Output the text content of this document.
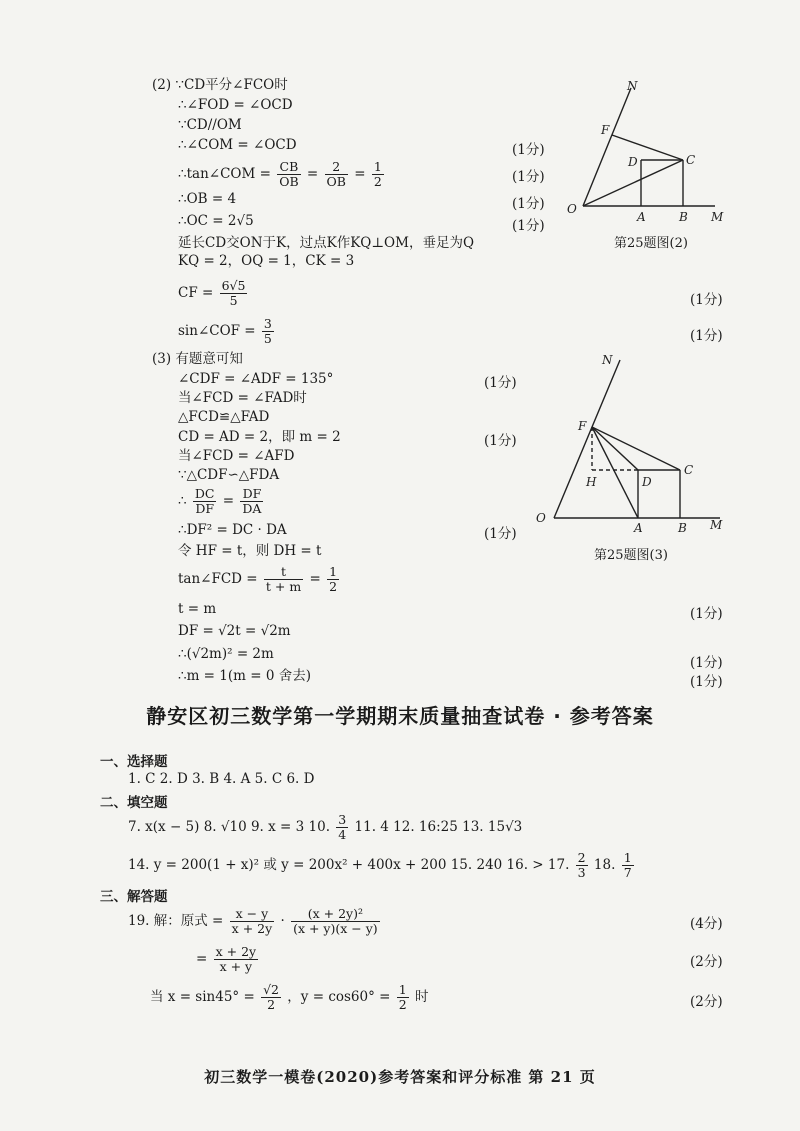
(2) ∵CD平分∠FCO时
∴∠FOD = ∠OCD
∵CD//OM
∴∠COM = ∠OCD
∴tan∠COM = $\frac{CB}{OB} = \frac{2}{OB} = \frac{1}{2}$
∴OB = 4
∴OC = 2√5
延长CD交ON于K，过点K作KQ⊥OM，垂足为Q
KQ = 2，OQ = 1，CK = 3
CF = $\frac{6√5}{5}$
sin∠COF = $\frac{3}{5}$
(1分)
(1分)
(1分)
(1分)
(1分)
(1分)
N
F
D	C
O
A	B M
第25题图(2)
(3) 有题意可知
∠CDF = ∠ADF = 135°
当∠FCD = ∠FAD时
△FCD≌△FAD
CD = AD = 2，即 m = 2
当∠FCD = ∠AFD
∵△CDF∽△FDA
∴ $\frac{DC}{DF} = \frac{DF}{DA}$
∴DF² = DC · DA
令 HF = t，则 DH = t
tan∠FCD = $\frac{t}{t + m} = \frac{1}{2}$
t = m
DF = √2t = √2m
∴(√2m)² = 2m
∴m = 1(m = 0 舍去)
(1分)
(1分)
(1分)
(1分)
(1分)
(1分)
N
F
H	D
C
O
A	B M
第25题图(3)
静安区初三数学第一学期期末质量抽查试卷 · 参考答案
一、选择题
1. C 2. D 3. B 4. A 5. C 6. D
二、填空题
7. x(x − 5) 8. √10 9. x = 3 10. $\frac{3}{4} 11$. 4 12. 16:25 13. 15√3
14. y = 200(1 + x)² 或 y = 200x² + 400x + 200 15. 240 16. > 17. $\frac{2}{3} 18$. $\frac{1}{7}$
三、解答题
19. 解：原式 = $\frac{x - y}{x + 2y} \cdot \frac{\text{(x + 2y)²}}{(x + y)(x - y)}$
= $\frac{x + 2y}{x + y}$
当 $x = \sin 45^\circ = \frac{√2}{2}$ ，$y = \cos 60^\circ = \frac{1}{2}$ 时
(4分)
(2分)
(2分)
初三数学一模卷(2020)参考答案和评分标准 第 21 页
